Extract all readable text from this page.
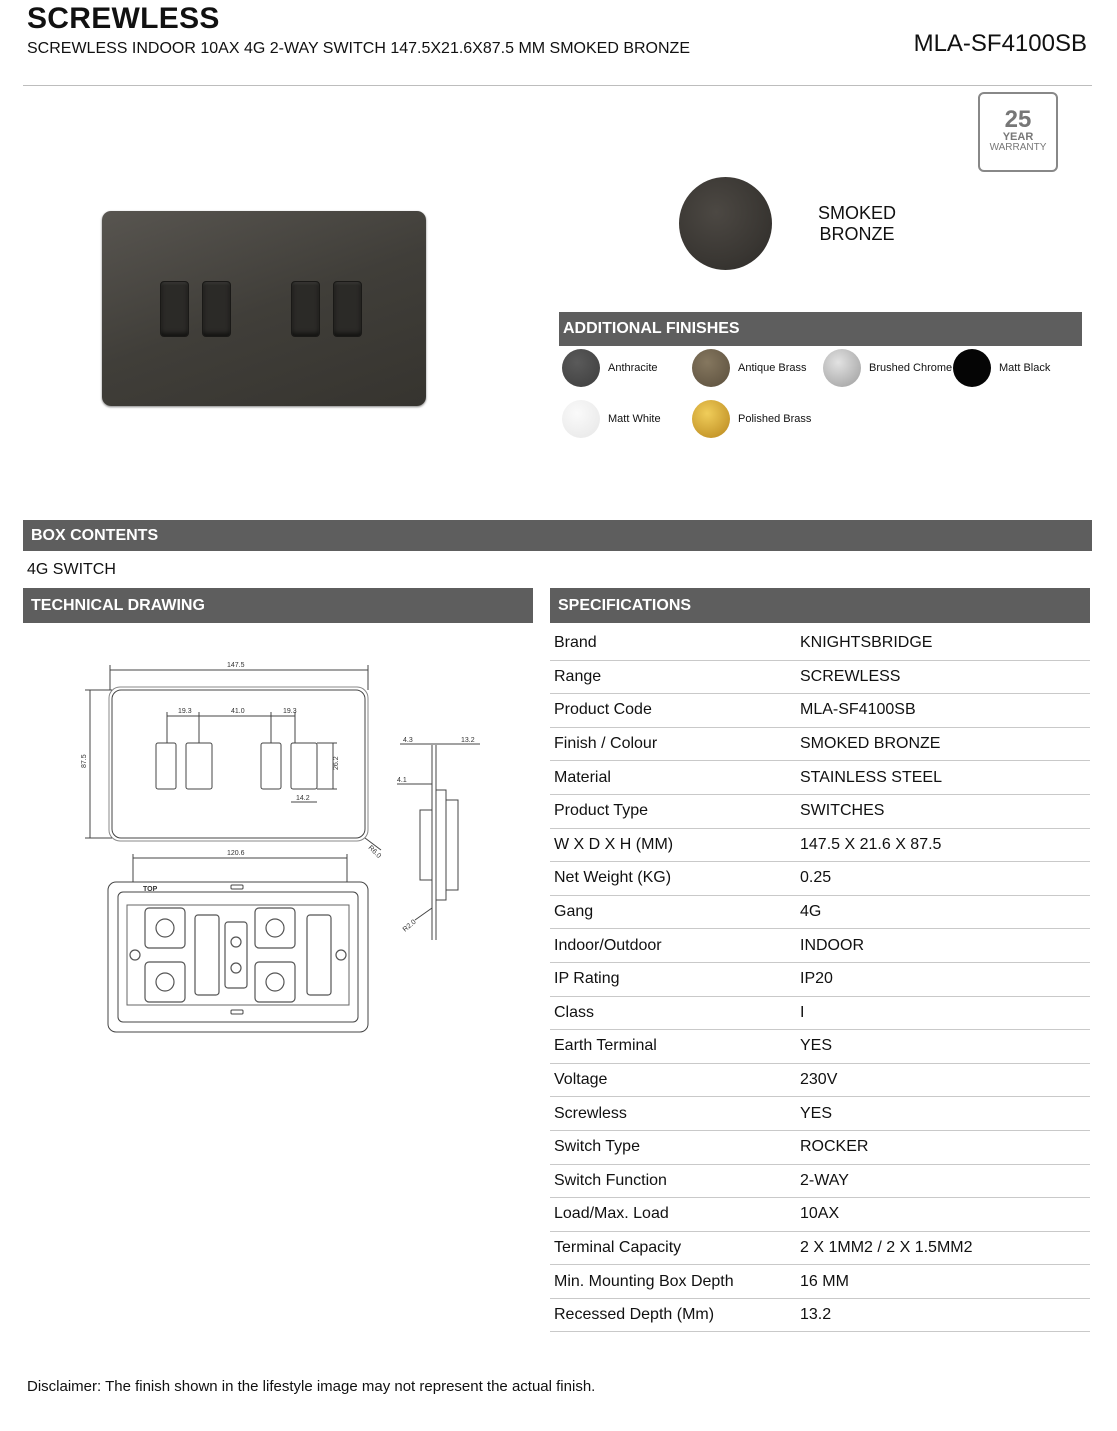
SCREWLESS
SCREWLESS INDOOR 10AX 4G 2-WAY SWITCH 147.5X21.6X87.5 MM SMOKED BRONZE	MLA-SF4100SB
25
YEAR
WARRANTY
SMOKED
BRONZE
ADDITIONAL FINISHES
Anthracite	Antique Brass	Brushed Chrome	Matt Black
Matt White	Polished Brass
BOX CONTENTS
4G SWITCH
TECHNICAL DRAWING	SPECIFICATIONS
147.5
87.5
19.3	41.0	19.3
26.2
14.2
R6.0
4.3	13.2
4.1
R2.0
120.6
TOP
Brand	KNIGHTSBRIDGE
Range	SCREWLESS
Product Code	MLA-SF4100SB
Finish / Colour	SMOKED BRONZE
Material	STAINLESS STEEL
Product Type	SWITCHES
W X D X H (MM)	147.5 X 21.6 X 87.5
Net Weight (KG)	0.25
Gang	4G
Indoor/Outdoor	INDOOR
IP Rating	IP20
Class	I
Earth Terminal	YES
Voltage	230V
Screwless	YES
Switch Type	ROCKER
Switch Function	2-WAY
Load/Max. Load	10AX
Terminal Capacity	2 X 1MM2 / 2 X 1.5MM2
Min. Mounting Box Depth	16 MM
Recessed Depth (Mm)	13.2
Disclaimer: The finish shown in the lifestyle image may not represent the actual finish.
